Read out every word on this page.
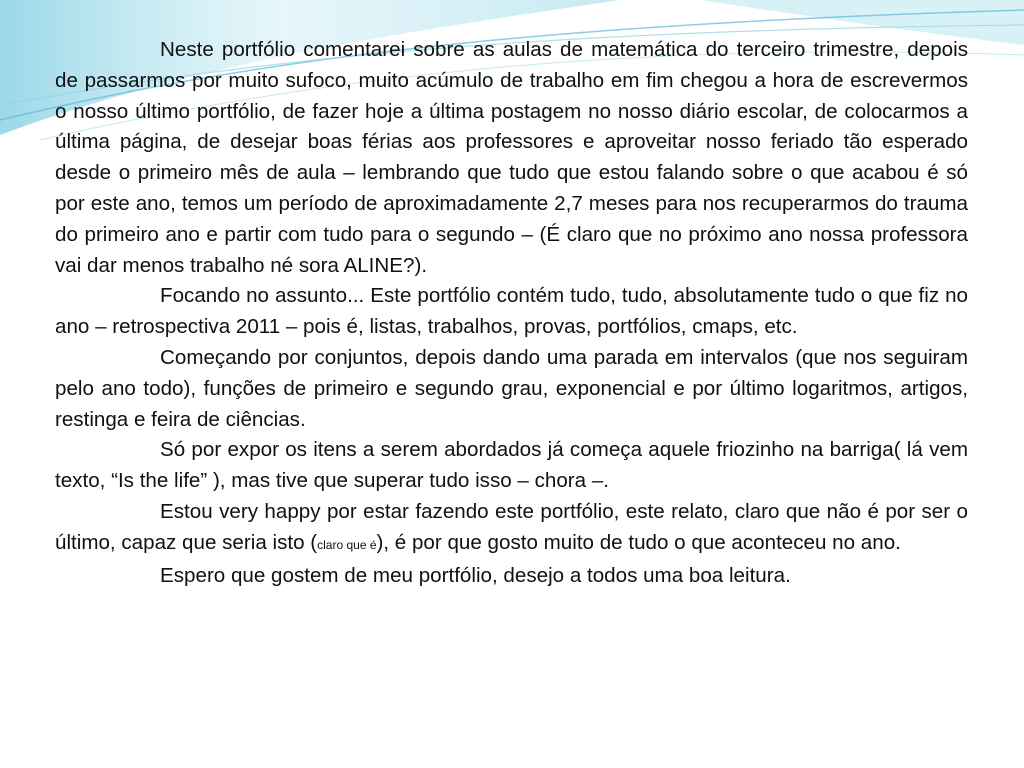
Neste portfólio comentarei sobre as aulas de matemática do terceiro trimestre, depois de passarmos por muito sufoco, muito acúmulo de trabalho em fim chegou a hora de escrevermos o nosso último portfólio, de fazer hoje a última postagem no nosso diário escolar, de colocarmos a última página, de desejar boas férias aos professores e aproveitar nosso feriado tão esperado desde o primeiro mês de aula – lembrando que tudo que estou falando sobre o que acabou é só por este ano, temos um período de aproximadamente 2,7 meses para nos recuperarmos do trauma do primeiro ano e partir com tudo para o segundo – (É claro que no próximo ano nossa professora vai dar menos trabalho né sora ALINE?).

Focando no assunto... Este portfólio contém tudo, tudo, absolutamente tudo o que fiz no ano – retrospectiva 2011 – pois é, listas, trabalhos, provas, portfólios, cmaps, etc.

Começando por conjuntos, depois dando uma parada em intervalos (que nos seguiram pelo ano todo), funções de primeiro e segundo grau, exponencial e por último logaritmos, artigos, restinga e feira de ciências.

Só por expor os itens a serem abordados já começa aquele friozinho na barriga( lá vem texto, “Is the life” ), mas tive que superar tudo isso – chora –.

Estou very happy por estar fazendo este portfólio, este relato, claro que não é por ser o último, capaz que seria isto (claro que é), é por que gosto muito de tudo o que aconteceu no ano.

Espero que gostem de meu portfólio, desejo a todos uma boa leitura.
